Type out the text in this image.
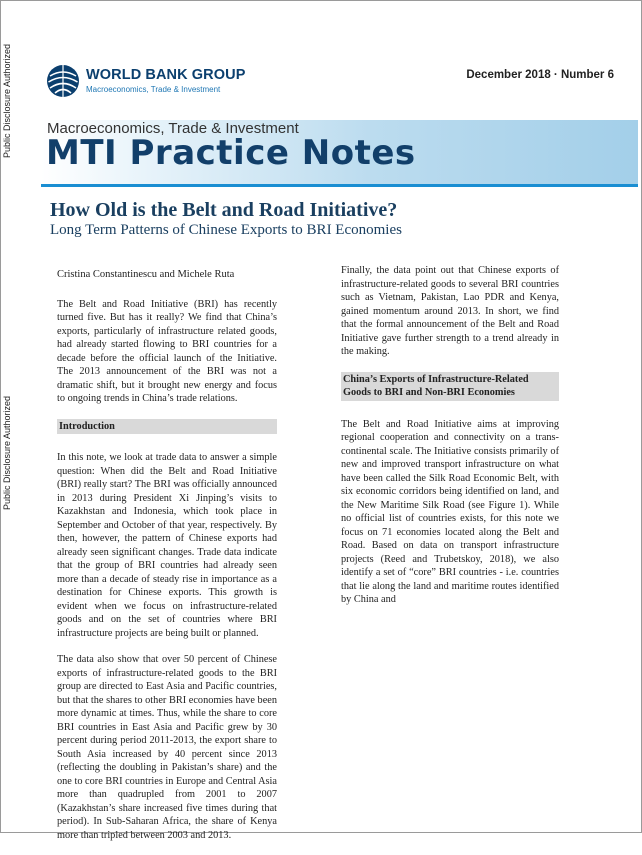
Public Disclosure Authorized
Public Disclosure Authorized
WORLD BANK GROUP
Macroeconomics, Trade & Investment
December 2018 · Number 6
Macroeconomics, Trade & Investment
MTI Practice Notes
How Old is the Belt and Road Initiative?
Long Term Patterns of Chinese Exports to BRI Economies

Cristina Constantinescu and Michele Ruta

The Belt and Road Initiative (BRI) has recently turned five. But has it really? We find that China’s exports, particularly of infrastructure related goods, had already started flowing to BRI countries for a decade before the official launch of the Initiative. The 2013 announcement of the BRI was not a dramatic shift, but it brought new energy and focus to ongoing trends in China’s trade relations.

Introduction

In this note, we look at trade data to answer a simple question: When did the Belt and Road Initiative (BRI) really start? The BRI was officially announced in 2013 during President Xi Jinping’s visits to Kazakhstan and Indonesia, which took place in September and October of that year, respectively. By then, however, the pattern of Chinese exports had already seen significant changes. Trade data indicate that the group of BRI countries had already seen more than a decade of steady rise in importance as a destination for Chinese exports. This growth is evident when we focus on infrastructure-related goods and on the set of countries where BRI infrastructure projects are being built or planned.

The data also show that over 50 percent of Chinese exports of infrastructure-related goods to the BRI group are directed to East Asia and Pacific countries, but that the shares to other BRI economies have been more dynamic at times. Thus, while the share to core BRI countries in East Asia and Pacific grew by 30 percent during period 2011-2013, the export share to South Asia increased by 40 percent since 2013 (reflecting the doubling in Pakistan’s share) and the one to core BRI countries in Europe and Central Asia more than quadrupled from 2001 to 2007 (Kazakhstan’s share increased five times during that period). In Sub-Saharan Africa, the share of Kenya more than tripled between 2003 and 2013.

Finally, the data point out that Chinese exports of infrastructure-related goods to several BRI countries such as Vietnam, Pakistan, Lao PDR and Kenya, gained momentum around 2013. In short, we find that the formal announcement of the Belt and Road Initiative gave further strength to a trend already in the making.

China’s Exports of Infrastructure-Related Goods to BRI and Non-BRI Economies

The Belt and Road Initiative aims at improving regional cooperation and connectivity on a trans-continental scale. The Initiative consists primarily of new and improved transport infrastructure on what have been called the Silk Road Economic Belt, with six economic corridors being identified on land, and the New Maritime Silk Road (see Figure 1). While no official list of countries exists, for this note we focus on 71 economies located along the Belt and Road. Based on data on transport infrastructure projects (Reed and Trubetskoy, 2018), we also identify a set of “core” BRI countries - i.e. countries that lie along the land and maritime routes identified by China and
